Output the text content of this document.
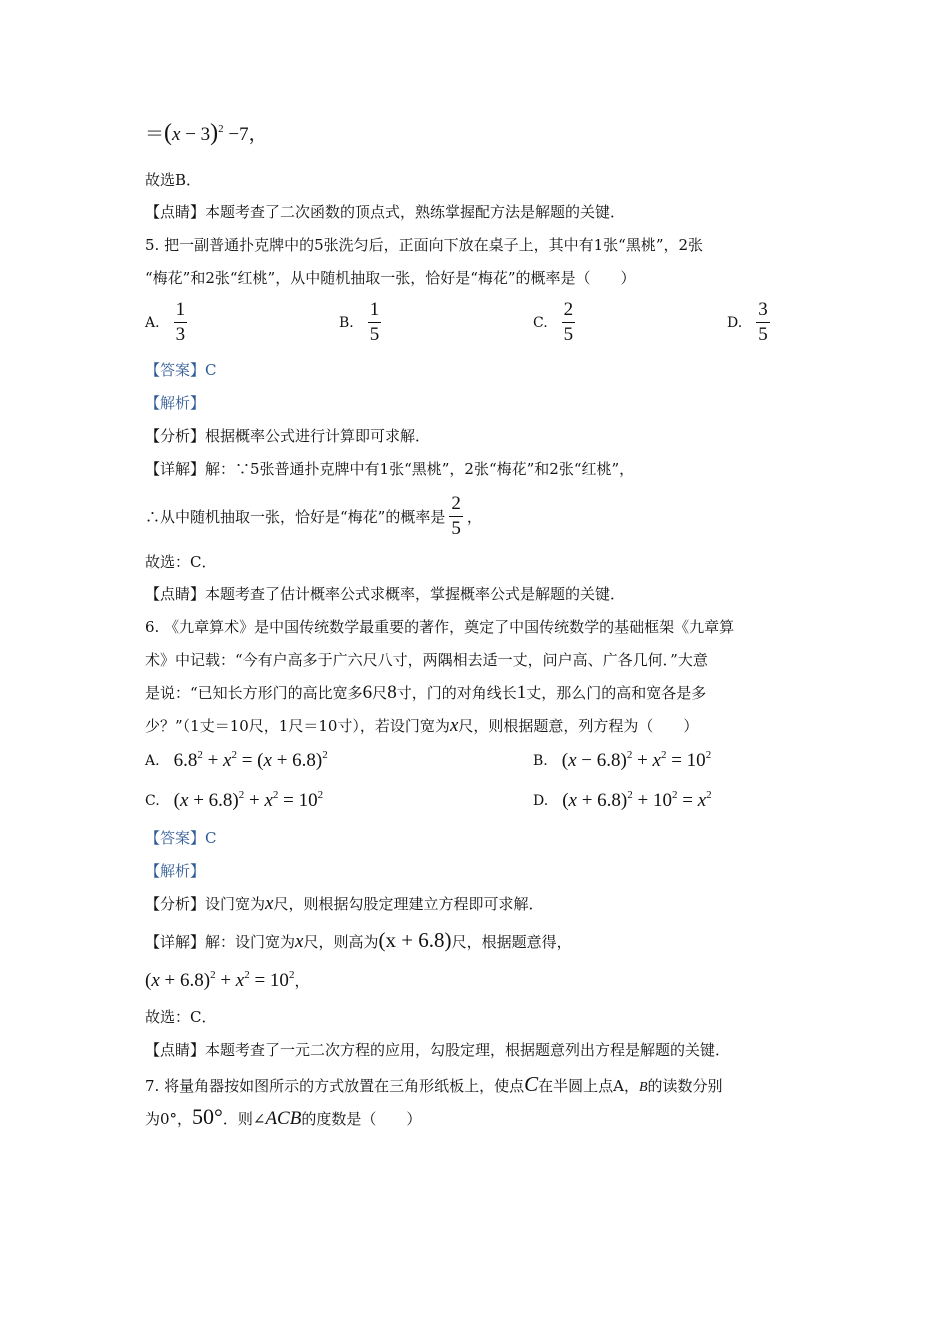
$=(x - 3)^2 -7$，
故选B．
【点睛】本题考查了二次函数的顶点式，熟练掌握配方法是解题的关键．
5. 把一副普通扑克牌中的5张洗匀后，正面向下放在桌子上，其中有1张“黑桃”，2张
“梅花”和2张“红桃”，从中随机抽取一张，恰好是“梅花”的概率是（　　）
A. $\frac{1}{3}$	B. $\frac{1}{5}$	C. $\frac{2}{5}$	D. $\frac{3}{5}$
【答案】C
【解析】
【分析】根据概率公式进行计算即可求解．
【详解】解：∵5张普通扑克牌中有1张“黑桃”，2张“梅花”和2张“红桃”，
∴从中随机抽取一张，恰好是“梅花”的概率是 $\frac{2}{5}$ ，
故选：C．
【点睛】本题考查了估计概率公式求概率，掌握概率公式是解题的关键．
6. 《九章算术》是中国传统数学最重要的著作，奠定了中国传统数学的基础框架《九章算
术》中记载：“今有户高多于广六尺八寸，两隅相去适一丈，问户高、广各几何．”大意
是说：“已知长方形门的高比宽多6尺8寸，门的对角线长1丈，那么门的高和宽各是多
少？”（1丈＝10尺，1尺＝10寸），若设门宽为x尺，则根据题意，列方程为（　　）
A. $6.8^2 + x^2 = (x + 6.8)^2$	B. $(x - 6.8)^2 + x^2 = 10^2$
C. $(x + 6.8)^2 + x^2 = 10^2$	D. $(x + 6.8)^2 + 10^2 = x^2$
【答案】C
【解析】
【分析】设门宽为x尺，则根据勾股定理建立方程即可求解．
【详解】解：设门宽为x尺，则高为(x + 6.8)尺，根据题意得，
$(x + 6.8)^2 + x^2 = 10^2$，
故选：C．
【点睛】本题考查了一元二次方程的应用，勾股定理，根据题意列出方程是解题的关键．
7. 将量角器按如图所示的方式放置在三角形纸板上，使点C在半圆上点A，B的读数分别
为0°，50°．则∠ACB的度数是（　　）
